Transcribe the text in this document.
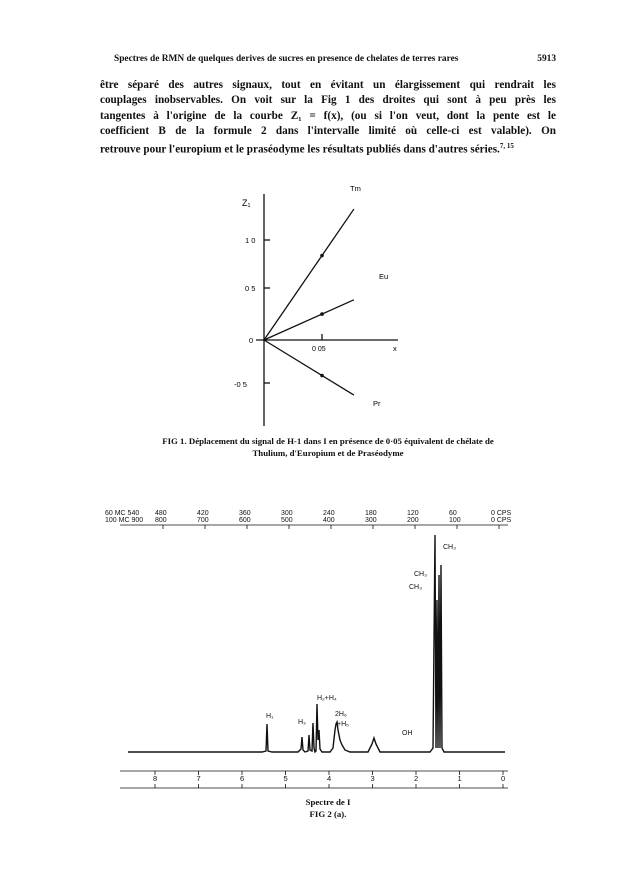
Spectres de RMN de quelques derives de sucres en presence de chelates de terres rares	5913
être séparé des autres signaux, tout en évitant un élargissement qui rendrait les
couplages inobservables. On voit sur la Fig 1 des droites qui sont à peu près les
tangentes à l'origine de la courbe Z₁ = f(x), (ou si l'on veut, dont la pente est le
coefficient B de la formule 2 dans l'intervalle limité où celle-ci est valable). On
retrouve pour l'europium et le praséodyme les résultats publiés dans d'autres séries.$^{7, 15}$
Z₁
1 0
0 5
0
-0 5
0 05	x
Tm
Eu
Pr
FIG 1. Déplacement du signal de H-1 dans I en présence de 0·05 équivalent de chélate de
Thulium, d'Europium et de Praséodyme
60 MC 540
100 MC 900
480
800
420
700
360
600
300
500
240
400
180
300
120
200
60
100
0 CPS
0 CPS
CH₃
CH₃
CH₃
H₁
H₃
H₂+H₄
2H₆
+H₅
OH
8	7	6	5	4	3	2	1	0
Spectre de I
FIG 2 (a).
